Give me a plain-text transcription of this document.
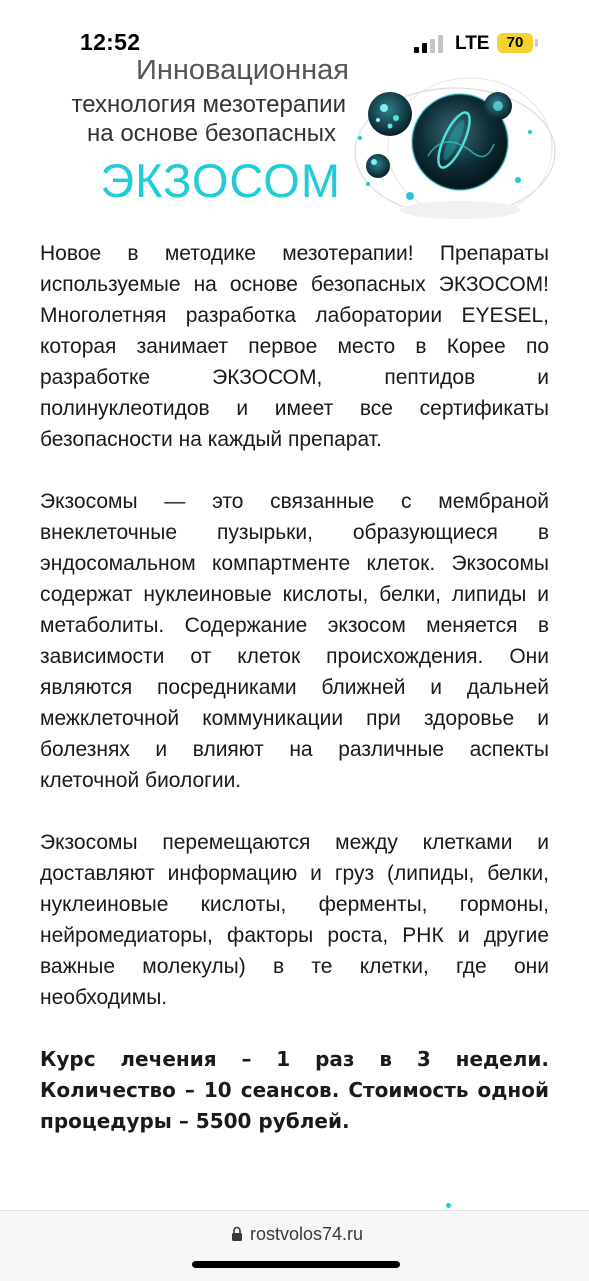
12:52	LTE	70

Инновационная

технология мезотерапии

на основе безопасных

ЭКЗОСОМ

Новое в методике мезотерапии! Препараты используемые на основе безопасных ЭКЗОСОМ! Многолетняя разработка лаборатории EYESEL, которая занимает первое место в Корее по разработке ЭКЗОСОМ, пептидов и полинуклеотидов и имеет все сертификаты безопасности на каждый препарат.

Экзосомы — это связанные с мембраной внеклеточные пузырьки, образующиеся в эндосомальном компартменте клеток. Экзосомы содержат нуклеиновые кислоты, белки, липиды и метаболиты. Содержание экзосом меняется в зависимости от клеток происхождения. Они являются посредниками ближней и дальней межклеточной коммуникации при здоровье и болезнях и влияют на различные аспекты клеточной биологии.

Экзосомы перемещаются между клетками и доставляют информацию и груз (липиды, белки, нуклеиновые кислоты, ферменты, гормоны, нейромедиаторы, факторы роста, РНК и другие важные молекулы) в те клетки, где они необходимы.

Курс лечения – 1 раз в 3 недели. Количество – 10 сеансов. Стоимость одной процедуры – 5500 рублей.

rostvolos74.ru
